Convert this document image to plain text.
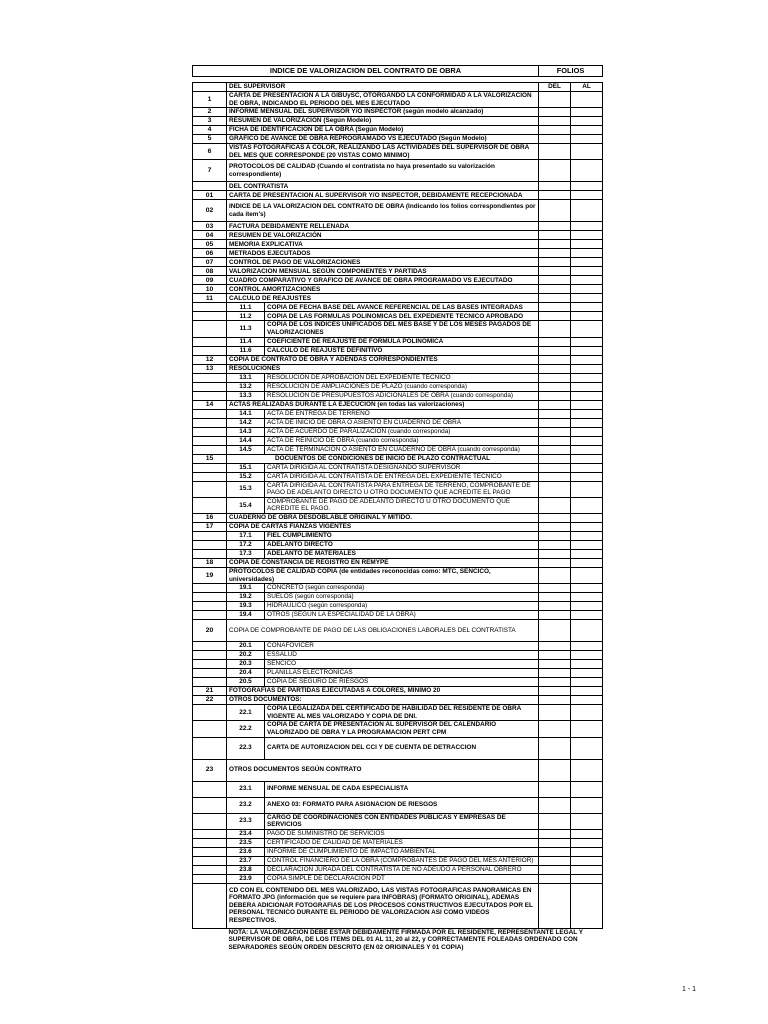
INDICE DE VALORIZACION DEL CONTRATO DE OBRA			FOLIOS	

	DEL SUPERVISOR		DEL	AL
1	CARTA DE PRESENTACION A LA GIBUySC, OTORGANDO LA CONFORMIDAD A LA VALORIZACION DE OBRA, INDICANDO EL PERIODO DEL MES EJECUTADO			
2	INFORME MENSUAL DEL SUPERVISOR Y/O INSPECTOR (según modelo alcanzado)			
3	RESUMEN DE VALORIZACIÓN (Según Modelo)			
4	FICHA DE IDENTIFICACION DE LA OBRA (Según Modelo)			
5	GRÁFICO DE AVANCE DE OBRA REPROGRAMADO VS EJECUTADO (Según Modelo)			
6	VISTAS FOTOGRAFICAS A COLOR, REALIZANDO LAS ACTIVIDADES DEL SUPERVISOR DE OBRA DEL MES QUE CORRESPONDE (20 VISTAS COMO MINIMO)			
7	PROTOCOLOS DE CALIDAD (Cuando el contratista no haya presentado su valorización correspondiente)			
	DEL CONTRATISTA			
01	CARTA DE PRESENTACION AL SUPERVISOR Y/O INSPECTOR, DEBIDAMENTE RECEPCIONADA			
02	INDICE DE LA VALORIZACION DEL CONTRATO DE OBRA (Indicando los folios correspondientes por cada ítem's)			
03	FACTURA DEBIDAMENTE RELLENADA			
04	RESUMEN DE VALORIZACIÓN			
05	MEMORIA EXPLICATIVA			
06	METRADOS EJECUTADOS			
07	CONTROL DE PAGO DE VALORIZACIONES			
08	VALORIZACION MENSUAL SEGÚN COMPONENTES Y PARTIDAS			
09	CUADRO COMPARATIVO Y GRAFICO DE AVANCE DE OBRA PROGRAMADO VS EJECUTADO			
10	CONTROL AMORTIZACIONES			
11	CALCULO DE REAJUSTES			
	11.1	COPIA DE FECHA BASE DEL AVANCE REFERENCIAL DE LAS BASES INTEGRADAS		
	11.2	COPIA DE LAS FORMULAS POLINOMICAS DEL EXPEDIENTE TECNICO APROBADO		
	11.3	COPIA DE LOS INDICES UNIFICADOS DEL MES BASE Y DE LOS MESES PAGADOS DE VALORIZACIONES		
	11.4	COEFICIENTE DE REAJUSTE DE FORMULA POLINOMICA		
	11.6	CALCULO DE REAJUSTE DEFINITIVO		
12	COPIA DE CONTRATO DE OBRA Y ADENDAS CORRESPONDIENTES			
13	RESOLUCIONES			
	13.1	RESOLUCION DE APROBACION DEL EXPEDIENTE TECNICO		
	13.2	RESOLUCION DE AMPLIACIONES DE PLAZO (cuando corresponda)		
	13.3	RESOLUCION DE PRESUPUESTOS ADICIONALES DE OBRA (cuando corresponda)		
14	ACTAS REALIZADAS DURANTE LA EJECUCIÓN (en todas las valorizaciones)			
	14.1	ACTA DE ENTREGA DE TERRENO		
	14.2	ACTA DE INICIO DE OBRA O ASIENTO EN CUADERNO DE OBRA		
	14.3	ACTA DE ACUERDO DE PARALIZACION (cuando corresponda)		
	14.4	ACTA DE REINICIO DE OBRA (cuando corresponda)		
	14.5	ACTA DE TERMINACION O ASIENTO EN CUADERNO DE OBRA (cuando corresponda)		
15	DOCUENTOS DE CONDICIONES DE INICIO DE PLAZO CONTRACTUAL			
	15.1	CARTA DIRIGIDA AL CONTRATISTA DESIGNANDO SUPERVISOR		
	15.2	CARTA DIRIGIDA AL CONTRATISTA DE ENTREGA DEL EXPEDIENTE TECNICO		
	15.3	CARTA DIRIGIDA AL CONTRATISTA PARA ENTREGA DE TERRENO, COMPROBANTE DE PAGO DE ADELANTO DIRECTO U OTRO DOCUMENTO QUE ACREDITE EL PAGO		
	15.4	COMPROBANTE DE PAGO DE ADELANTO DIRECTO U OTRO DOCUMENTO QUE ACREDITE EL PAGO.		
16	CUADERNO DE OBRA DESDOBLABLE ORIGINAL Y MITIDO.			
17	COPIA DE CARTAS FIANZAS VIGENTES			
	17.1	FIEL CUMPLIMIENTO		
	17.2	ADELANTO DIRECTO		
	17.3	ADELANTO DE MATERIALES		
18	COPIA DE CONSTANCIA DE REGISTRO EN REMYPE			
19	PROTOCOLOS DE CALIDAD COPIA (de entidades reconocidas como: MTC, SENCICO, universidades)			
	19.1	CONCRETO (según corresponda)		
	19.2	SUELOS (según corresponda)		
	19.3	HIDRAULICO (según corresponda)		
	19.4	OTROS (SEGÚN LA ESPECIALIDAD DE LA OBRA)		
20	COPIA DE COMPROBANTE DE PAGO DE LAS OBLIGACIONES LABORALES DEL CONTRATISTA			
	20.1	CONAFOVICER		
	20.2	ESSALUD		
	20.3	SENCICO		
	20.4	PLANILLAS ELECTRONICAS		
	20.5	COPIA DE SEGURO DE RIESGOS		
21	FOTOGRAFIAS DE PARTIDAS EJECUTADAS A COLORES, MINIMO 20			
22	OTROS DOCUMENTOS:			
	22.1	COPIA LEGALIZADA DEL CERTIFICADO DE HABILIDAD DEL RESIDENTE DE OBRA VIGENTE AL MES VALORIZADO Y COPIA DE DNI.		
	22.2	COPIA DE CARTA DE PRESENTACION AL SUPERVISOR DEL CALENDARIO VALORIZADO DE OBRA Y LA PROGRAMACION PERT CPM		
	22.3	CARTA DE AUTORIZACION DEL CCI Y DE CUENTA DE DETRACCION		
23	OTROS DOCUMENTOS SEGÚN CONTRATO			
	23.1	INFORME MENSUAL DE CADA ESPECIALISTA		
	23.2	ANEXO 03: FORMATO PARA ASIGNACION DE RIESGOS		
	23.3	CARGO DE COORDINACIONES CON ENTIDADES PUBLICAS Y EMPRESAS DE SERVICIOS		
	23.4	PAGO DE SUMINISTRO DE SERVICIOS		
	23.5	CERTIFICADO DE CALIDAD DE MATERIALES		
	23.6	INFORME DE CUMPLIMIENTO DE IMPACTO AMBIENTAL		
	23.7	CONTROL FINANCIERO DE LA OBRA (COMPROBANTES DE PAGO DEL MES ANTERIOR)		
	23.8	DECLARACION JURADA DEL CONTRATISTA DE NO ADEUDO A PERSONAL OBRERO		
	23.9	COPIA SIMPLE DE DECLARACION PDT		
	CD CON EL CONTENIDO DEL MES VALORIZADO, LAS VISTAS FOTOGRAFICAS PANORAMICAS EN FORMATO JPG (información que se requiere para INFOBRAS) (FORMATO ORIGINAL), ADEMAS DEBERA ADICIONAR FOTOGRAFIAS DE LOS PROCESOS CONSTRUCTIVOS EJECUTADOS POR EL PERSONAL TECNICO DURANTE EL PERIODO DE VALORIZACION ASI COMO VIDEOS RESPECTIVOS.			
NOTA: LA VALORIZACION DEBE ESTAR DEBIDAMENTE FIRMADA POR EL RESIDENTE, REPRESENTANTE LEGAL Y SUPERVISOR DE OBRA, DE LOS ITEMS DEL 01 AL 11, 20 al 22, y CORRECTAMENTE FOLEADAS ORDENADO CON SEPARADORES SEGÚN ORDEN DESCRITO (EN 02 ORIGINALES Y 01 COPIA)				
1 - 1
